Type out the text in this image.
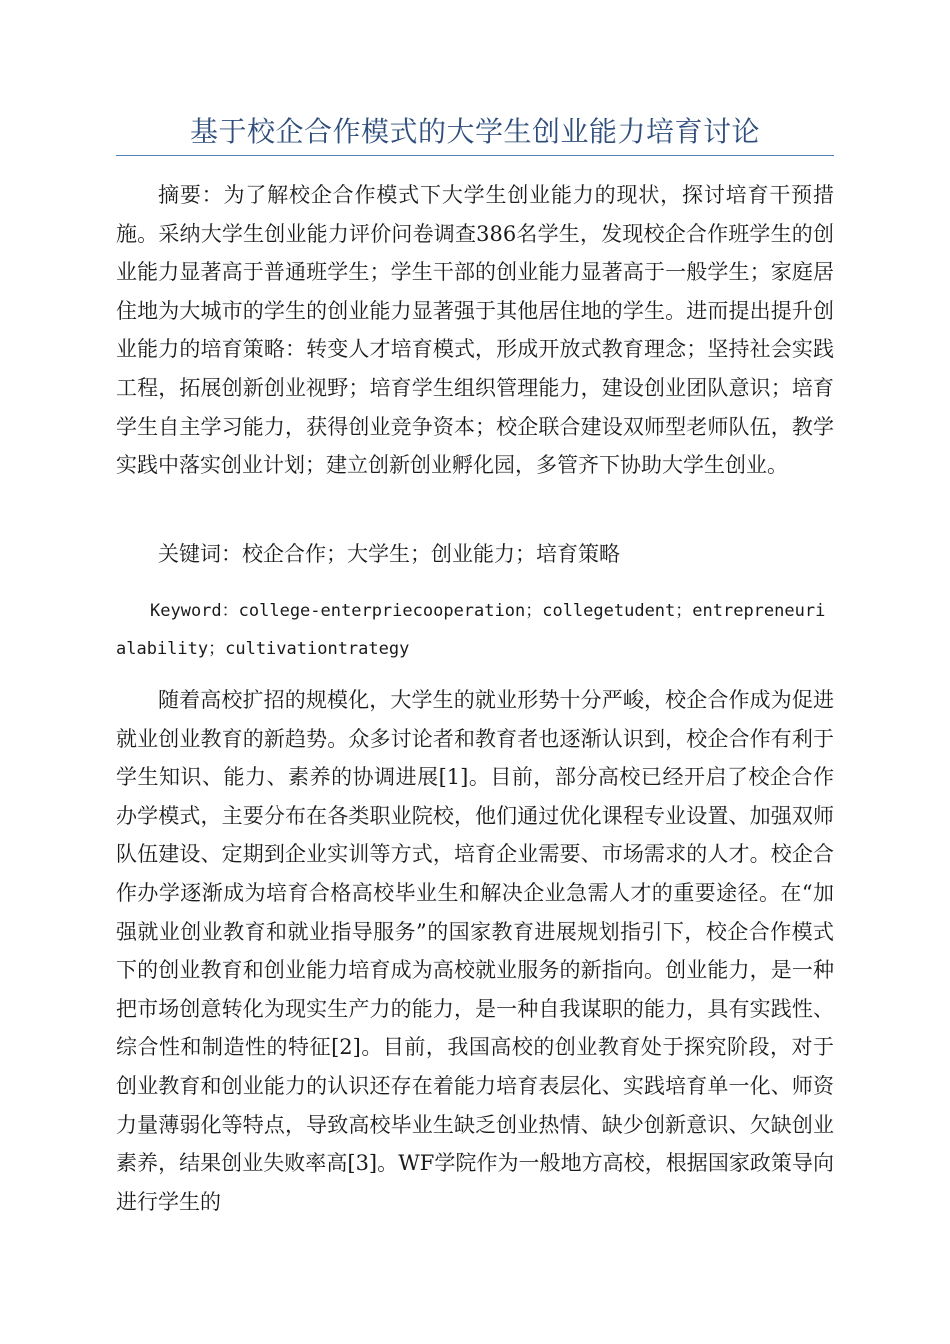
基于校企合作模式的大学生创业能力培育讨论

摘要：为了解校企合作模式下大学生创业能力的现状，探讨培育干预措施。采纳大学生创业能力评价问卷调查386名学生，发现校企合作班学生的创业能力显著高于普通班学生；学生干部的创业能力显著高于一般学生；家庭居住地为大城市的学生的创业能力显著强于其他居住地的学生。进而提出提升创业能力的培育策略：转变人才培育模式，形成开放式教育理念；坚持社会实践工程，拓展创新创业视野；培育学生组织管理能力，建设创业团队意识；培育学生自主学习能力，获得创业竞争资本；校企联合建设双师型老师队伍，教学实践中落实创业计划；建立创新创业孵化园，多管齐下协助大学生创业。

关键词：校企合作；大学生；创业能力；培育策略

Keyword：college-enterpriecooperation；collegetudent；entrepreneurialability；cultivationtrategy

随着高校扩招的规模化，大学生的就业形势十分严峻，校企合作成为促进就业创业教育的新趋势。众多讨论者和教育者也逐渐认识到，校企合作有利于学生知识、能力、素养的协调进展[1]。目前，部分高校已经开启了校企合作办学模式，主要分布在各类职业院校，他们通过优化课程专业设置、加强双师队伍建设、定期到企业实训等方式，培育企业需要、市场需求的人才。校企合作办学逐渐成为培育合格高校毕业生和解决企业急需人才的重要途径。在“加强就业创业教育和就业指导服务”的国家教育进展规划指引下，校企合作模式下的创业教育和创业能力培育成为高校就业服务的新指向。创业能力，是一种把市场创意转化为现实生产力的能力，是一种自我谋职的能力，具有实践性、综合性和制造性的特征[2]。目前，我国高校的创业教育处于探究阶段，对于创业教育和创业能力的认识还存在着能力培育表层化、实践培育单一化、师资力量薄弱化等特点，导致高校毕业生缺乏创业热情、缺少创新意识、欠缺创业素养，结果创业失败率高[3]。WF学院作为一般地方高校，根据国家政策导向进行学生的
